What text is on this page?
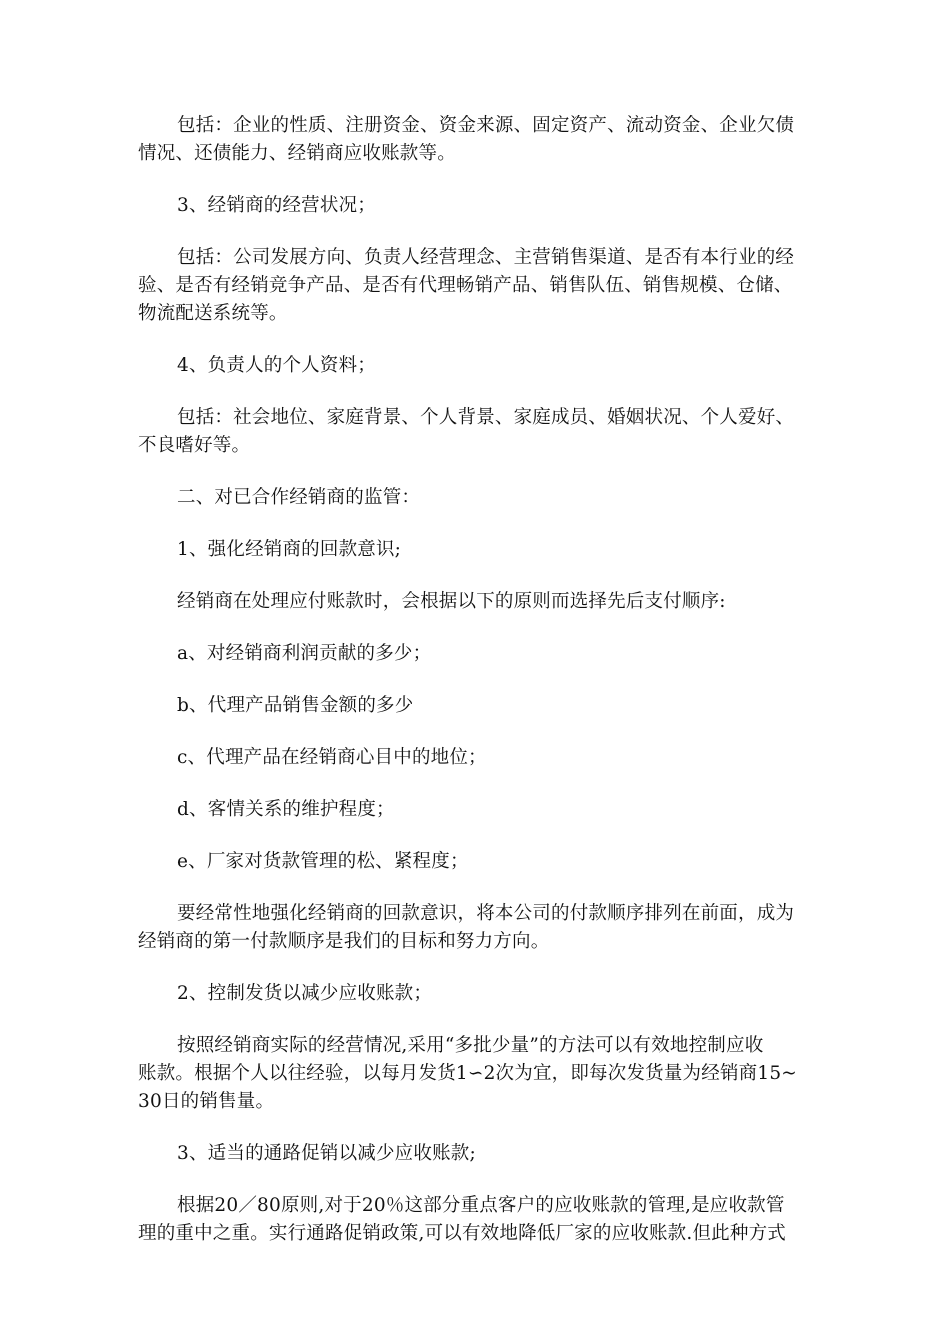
包括：企业的性质、注册资金、资金来源、固定资产、流动资金、企业欠债
情况、还债能力、经销商应收账款等。
3、经销商的经营状况；
包括：公司发展方向、负责人经营理念、主营销售渠道、是否有本行业的经
验、是否有经销竞争产品、是否有代理畅销产品、销售队伍、销售规模、仓储、
物流配送系统等。
4、负责人的个人资料；
包括：社会地位、家庭背景、个人背景、家庭成员、婚姻状况、个人爱好、
不良嗜好等。
二、对已合作经销商的监管：
1、强化经销商的回款意识;
经销商在处理应付账款时，会根据以下的原则而选择先后支付顺序:
a、对经销商利润贡献的多少；
b、代理产品销售金额的多少
c、代理产品在经销商心目中的地位；
d、客情关系的维护程度；
e、厂家对货款管理的松、紧程度；
要经常性地强化经销商的回款意识，将本公司的付款顺序排列在前面，成为
经销商的第一付款顺序是我们的目标和努力方向。
2、控制发货以减少应收账款；
按照经销商实际的经营情况,采用“多批少量”的方法可以有效地控制应收
账款。根据个人以往经验，以每月发货1∽2次为宜，即每次发货量为经销商15~
30日的销售量。
3、适当的通路促销以减少应收账款;
根据20／80原则,对于20％这部分重点客户的应收账款的管理,是应收款管
理的重中之重。实行通路促销政策,可以有效地降低厂家的应收账款.但此种方式
